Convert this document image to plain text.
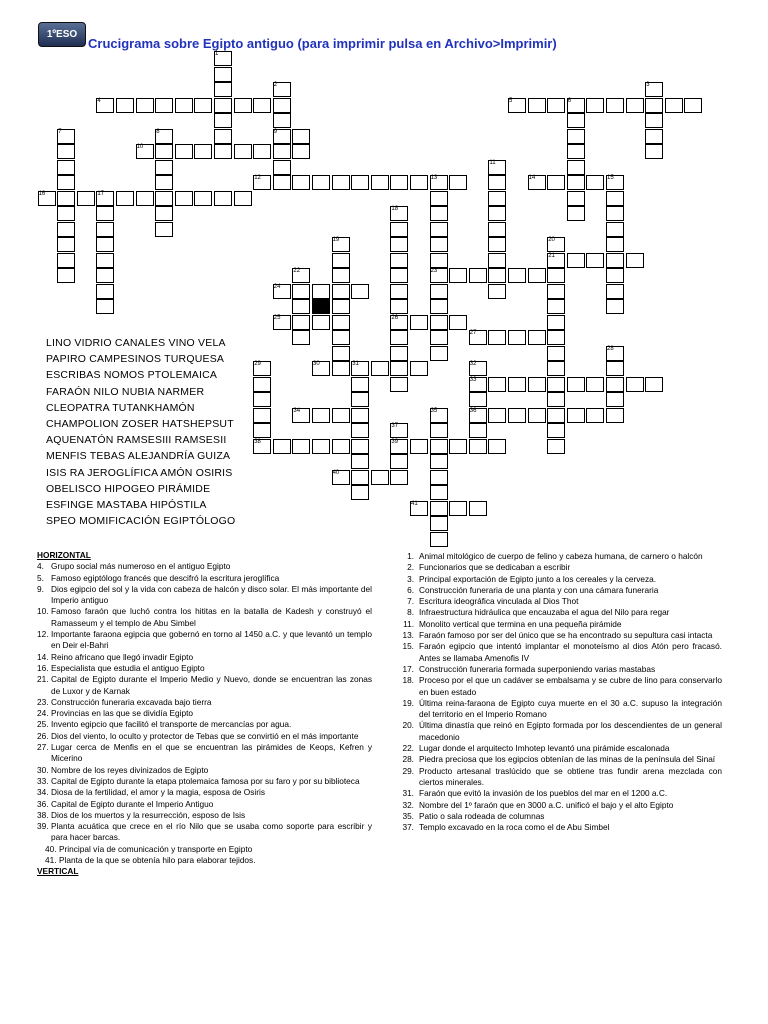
1ºESO
Crucigrama sobre Egipto antiguo (para imprimir pulsa en Archivo>Imprimir)
1
2	3
4	5	6
7	8	9
10
11
12	13	14	15
16	17
18
19	20
21
22	23
24
25	26
27
28
29	30	31	32
33
34	35	36
37
38	39
40
41
LINO VIDRIO CANALES VINO VELA
PAPIRO CAMPESINOS TURQUESA
ESCRIBAS NOMOS PTOLEMAICA
FARAÓN NILO NUBIA NARMER
CLEOPATRA TUTANKHAMÓN
CHAMPOLION ZOSER HATSHEPSUT
AQUENATÓN RAMSESIII RAMSESII
MENFIS TEBAS ALEJANDRÍA GUIZA
ISIS RA JEROGLÍFICA AMÓN OSIRIS
OBELISCO HIPOGEO PIRÁMIDE
ESFINGE MASTABA HIPÓSTILA
SPEO MOMIFICACIÓN EGIPTÓLOGO
HORIZONTAL
4. Grupo social más numeroso en el antiguo Egipto
5. Famoso egiptólogo francés que descifró la escritura jeroglífica
9. Dios egipcio del sol y la vida con cabeza de halcón y disco solar. El más importante del Imperio antiguo
10. Famoso faraón que luchó contra los hititas en la batalla de Kadesh y construyó el Ramasseum y el templo de Abu Simbel
12. Importante faraona egipcia que gobernó en torno al 1450 a.C. y que levantó un templo en Deir el-Bahri
14. Reino africano que llegó invadir Egipto
16. Especialista que estudia el antiguo Egipto
21. Capital de Egipto durante el Imperio Medio y Nuevo, donde se encuentran las zonas de Luxor y de Karnak
23. Construcción funeraria excavada bajo tierra
24. Provincias en las que se dividía Egipto
25. Invento egipcio que facilitó el transporte de mercancías por agua.
26. Dios del viento, lo oculto y protector de Tebas que se convirtió en el más importante
27. Lugar cerca de Menfis en el que se encuentran las pirámides de Keops, Kefren y Micerino
30. Nombre de los reyes divinizados de Egipto
33. Capital de Egipto durante la etapa ptolemaica famosa por su faro y por su biblioteca
34. Diosa de la fertilidad, el amor y la magia, esposa de Osiris
36. Capital de Egipto durante el Imperio Antiguo
38. Dios de los muertos y la resurrección, esposo de Isis
39. Planta acuática que crece en el río Nilo que se usaba como soporte para escribir y para hacer barcas.
40. Principal vía de comunicación y transporte en Egipto
41. Planta de la que se obtenía hilo para elaborar tejidos.
VERTICAL
1. Animal mitológico de cuerpo de felino y cabeza humana, de carnero o halcón
2. Funcionarios que se dedicaban a escribir
3. Principal exportación de Egipto junto a los cereales y la cerveza.
6. Construcción funeraria de una planta y con una cámara funeraria
7. Escritura ideográfica vinculada al Dios Thot
8. Infraestructura hidráulica que encauzaba el agua del Nilo para regar
11. Monolito vertical que termina en una pequeña pirámide
13. Faraón famoso por ser del único que se ha encontrado su sepultura casi intacta
15. Faraón egipcio que intentó implantar el monoteísmo al dios Atón pero fracasó. Antes se llamaba Amenofis IV
17. Construcción funeraria formada superponiendo varias mastabas
18. Proceso por el que un cadáver se embalsama y se cubre de lino para conservarlo en buen estado
19. Última reina-faraona de Egipto cuya muerte en el 30 a.C. supuso la integración del territorio en el Imperio Romano
20. Última dinastía que reinó en Egipto formada por los descendientes de un general macedonio
22. Lugar donde el arquitecto Imhotep levantó una pirámide escalonada
28. Piedra preciosa que los egipcios obtenían de las minas de la península del Sinaí
29. Producto artesanal traslúcido que se obtiene tras fundir arena mezclada con ciertos minerales.
31. Faraón que evitó la invasión de los pueblos del mar en el 1200 a.C.
32. Nombre del 1º faraón que en 3000 a.C. unificó el bajo y el alto Egipto
35. Patio o sala rodeada de columnas
37. Templo excavado en la roca como el de Abu Simbel
